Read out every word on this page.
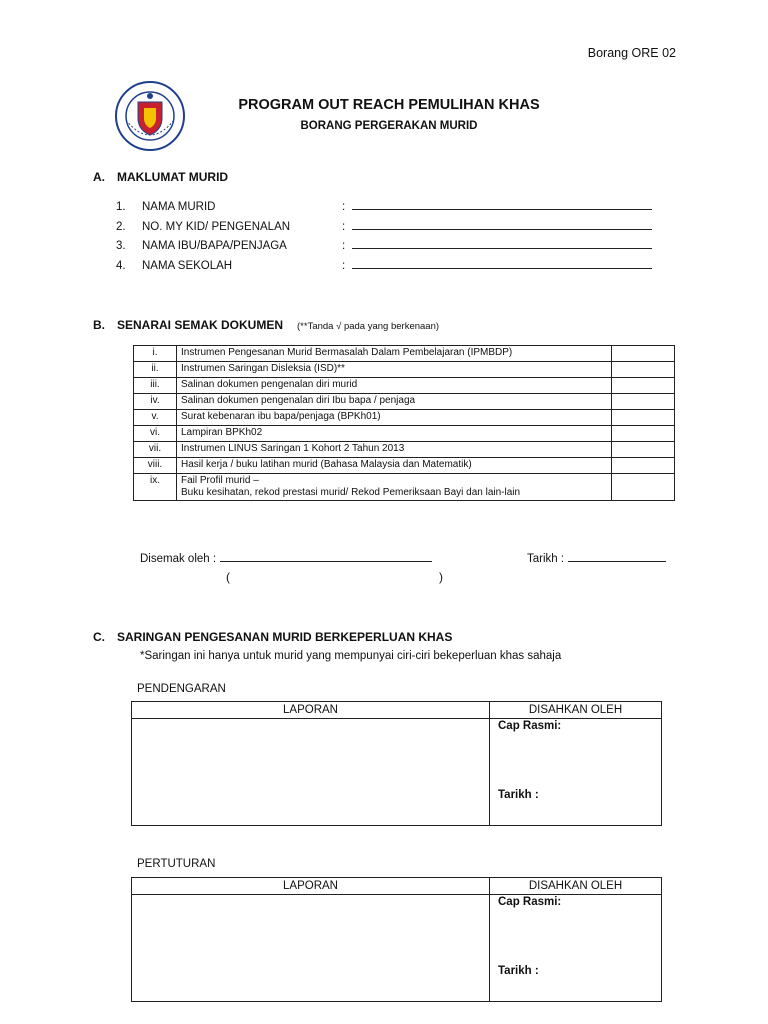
Borang ORE 02
PROGRAM OUT REACH PEMULIHAN KHAS
BORANG PERGERAKAN MURID
A. MAKLUMAT MURID
1.	NAMA MURID	:
2.	NO. MY KID/ PENGENALAN	:
3.	NAMA IBU/BAPA/PENJAGA	:
4.	NAMA SEKOLAH	:
B. SENARAI SEMAK DOKUMEN (**Tanda √ pada yang berkenaan)
i.	Instrumen Pengesanan Murid Bermasalah Dalam Pembelajaran (IPMBDP)	
ii.	Instrumen Saringan Disleksia (ISD)**	
iii.	Salinan dokumen pengenalan diri murid	
iv.	Salinan dokumen pengenalan diri Ibu bapa / penjaga	
v.	Surat kebenaran ibu bapa/penjaga (BPKh01)	
vi.	Lampiran BPKh02	
vii.	Instrumen LINUS Saringan 1 Kohort 2 Tahun 2013	
viii.	Hasil kerja / buku latihan murid (Bahasa Malaysia dan Matematik)	
ix.	Fail Profil murid –
Buku kesihatan, rekod prestasi murid/ Rekod Pemeriksaan Bayi dan lain-lain	

Disemak oleh :	Tarikh :
(	)
C. SARINGAN PENGESANAN MURID BERKEPERLUAN KHAS
*Saringan ini hanya untuk murid yang mempunyai ciri-ciri bekeperluan khas sahaja
PENDENGARAN
LAPORAN	DISAHKAN OLEH

	Cap Rasmi:
Tarikh :
PERTUTURAN
LAPORAN	DISAHKAN OLEH

	Cap Rasmi:
Tarikh :
